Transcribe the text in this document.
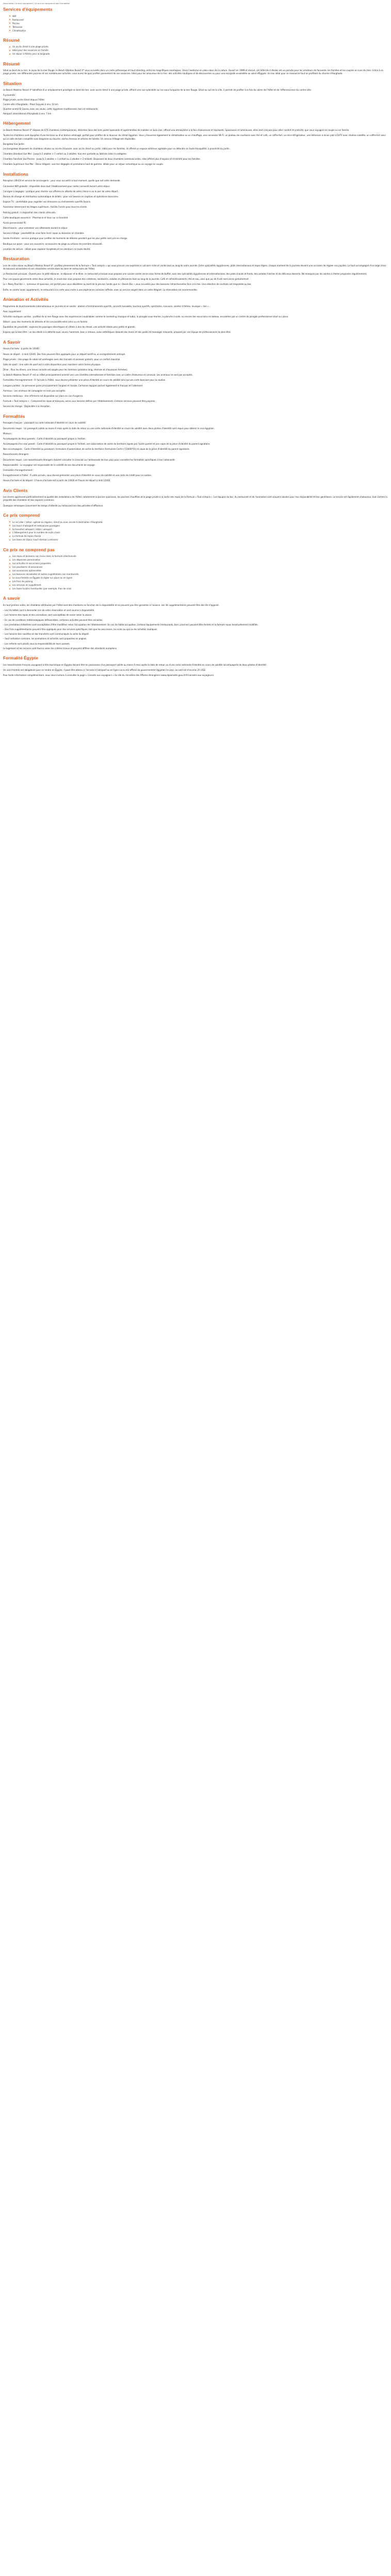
Description Ce prix comprend / Ce prix ne comprend pas Formalités
Services d'équipements
Wifi
Restaurant
Piscine
Télévision
Climatisation
Résumé
Un accès direct à une plage privée.
Idéal pour des vacances en famille.
Un séjour à thème pour la baignade.
Résumé

Situé au bord de la mer, le joyau de la mer Rouge, le Beach Albatros Resort 4* vous accueille dans un cadre pittoresque et haut standing, entre les magnifiques montagnes. Vivez l'exotisme en plein cœur de la nature. Ouvert en 1999 et rénové, cet hôtel de 4 étoiles est un paradis pour les amateurs de farniente, les familles et les couples en lune de miel. Grâce à sa plage privée, ses différentes piscines et ses nombreuses activités, vous aurez de quoi profiter pleinement de vos vacances. Idéal pour les amoureux de la mer, des activités nautiques et de découvertes ou pour une escapade ensoleillée au soleil d'Égypte. Un lieu idéal pour se ressourcer tout en profitant du charme d'Hurghada.

Situation

Le Beach Albatros Resort 4* bénéficie d'un emplacement privilégié en bord de mer, avec accès direct à une plage privée, offrant une vue splendide sur les eaux turquoise de la mer Rouge. Situé au sud de la ville, il permet de profiter à la fois du calme de l'hôtel et de l'effervescence du centre-ville.

À proximité :

Plage privée, accès direct depuis l'hôtel.

Centre-ville d'Hurghada – Place Sayyala à env. 12 km

Quartier animé El Gouna, avec ses souks, cafés égyptiens traditionnels, bars et restaurants

Aéroport international d'Hurghada à env. 7 km

Hébergement

Le Beach Albatros Resort 4* dispose de 476 chambres contemporaines, décorées dans des tons pastel apaisants et agrémentées de mobilier en bois clair, offrant une atmosphère à la fois chaleureuse et reposante. Spacieuses et lumineuses, elles sont conçues pour allier confort et praticité, que vous voyagiez en couple ou en famille.

Toutes les chambres sont équipées d'une terrasse ou d'un balcon aménagé, parfait pour profiter de la douceur du climat égyptien. Vous y trouverez également la climatisation ou un chauffage, une connexion Wi-Fi, un plateau de courtoisie avec thé et café, un coffre-fort, un mini-réfrigérateur, une télévision à écran plat LCD/TV avec chaînes satellite, un coffre-fort ainsi qu'un salle de bain complète avec baignoire ou douche, sèche-cheveux et articles de toilette. Un service d'étage est disponible.

Bungalow Vue Jardin

Les bungalows disposent de chambres situées au rez-de-chaussée, avec accès direct au jardin. Idéal pour les familles, ils offrent un espace extérieur agréable pour se détendre en toute tranquillité, à proximité du jardin.

Chambre Standard Vue Mer : Jusqu'à 2 adultes + 1 enfant ou 3 adultes. Vue mer partielle ou latérale selon la catégorie.

Chambre Familiale Vue Piscine : Jusqu'à 3 adultes + 1 enfant ou 2 adultes + 2 enfants. Disposant de deux chambres communicantes, elles offrent plus d'espace et d'intimité pour les familles.

Chambre Supérieure Vue Mer : Décor élégant, vue mer dégagée et prestations haut de gamme, idéale pour un séjour romantique ou un voyage en couple.

Installations

Réception 24h/24 et service de conciergerie : pour vous accueillir à tout moment, quelle que soit votre demande.

Connexion Wifi gratuite : disponible dans tout l'établissement pour rester connecté durant votre séjour.

Consigne à bagages : pratique pour stocker vos affaires en attente de votre check-in ou le jour de votre départ.

Bureau de change et distributeur automatique de billets : pour vos besoins en espèces et opérations bancaires.

Espace TV : confortable pour regarder vos émissions ou évènements sportifs favoris.

Ascenseur desservant les étages supérieurs : facilite l'accès pour tous les clients.

Parking gratuit : à disposition des clients véhiculés.

Cafés-boutiques-souvenirs : Pharmacie et Vous sur ce bracelet.

Accès personnalisé PC

Blanchisserie : pour entretenir vos vêtements durant le séjour.

Service d'étage : possibilité de vous faire livrer repas ou boissons en chambre.

Garde d'enfants : service pratique pour profiter de moments de détente pendant que les plus petits sont pris en charge.

Boutique sur place : pour vos souvenirs, accessoires de plage ou articles de première nécessité.

Location de voiture : idéale pour explorer Hurghada et les alentours en toute liberté.

Restauration

Lors de votre séjour au Beach Albatros Resort 4*, profitez pleinement de la formule « Tout compris » qui vous procure une expérience culinaire riche et variée tout au long de votre journée. Entre spécialités égyptiennes, plats internationaux et repas légers, chaque moment de la journée devient une occasion de régaler vos papilles. Le tout accompagné d'un large choix de boissons alcoolisées et non alcoolisées servies dans les bars et restaurants de l'hôtel.

Le Restaurant principal : Ouvert pour le petit-déjeuner, le déjeuner et le dîner, le restaurant principal vous propose une cuisine variée servie sous forme de buffet, avec des spécialités égyptiennes et internationales, des plats chauds et froids, des salades fraîches et de délicieux desserts. Ne manquez pas les soirées à thème proposées régulièrement.

Pour une pause gourmande entre deux activités, le snack-bar vous propose des collations, sandwichs, salades et pâtisseries tout au long de la journée. Café et rafraîchissements, thé et eau, ainsi que jus de fruits sont servis gratuitement.

Le « Noisy Pool Bar » , lumineux et spacieux, est parfait pour vous désaltérer au bord de la piscine, tandis que le « Beach Bar » vous accueille pour des boissons rafraîchissantes face à la mer. Une sélection de cocktails est disponible au bar.

Enfin, en soirée (avec supplément), le restaurant à la carte vous invite à une expérience culinaire raffinée, avec un service soigné dans un cadre élégant. La réservation est recommandée.

Animation et Activités

Programme de divertissements internationaux en journée et en soirée : ateliers d'entraînements sportifs, concerts karaokés, tournois sportifs, spectacles, concours, soirées à thème, musique « live »...

Avec supplément :

Activités nautiques variées : profitez de la mer Rouge avec des expériences inoubliables comme le snorkeling (masque et tuba), la plongée sous-marine, la planche à voile, ou encore des excursions en bateau, encadrées par un centre de plongée professionnel situé sur place.

Billard : pour des moments de détente et de convivialité entre amis ou en famille.

Équitation de proximité : explorez les paysages désertiques et côtiers à dos de cheval, une activité idéale pour petits et grands.

Espace spa & bien-être : un lieu dédié à la détente avec sauna, hammam, bain à remous, soins esthétiques (beauté des mains et des pieds) et massages relaxants, proposé par une équipe de professionnels du bien-être.

A Savoir

Heure d'arrivée : à partir de 14h00.

Heure de départ : à midi 12h00. Des frais peuvent être appliqués pour un départ tardif ou un enregistrement anticipé.

Plage privée : Une plage de sable est aménagée avec des transats et parasols gratuits, pour un confort maximal.

Salle de sport : Une salle de sport est à votre disposition pour maintenir votre forme physique.

Dîner : Pour les dîners, une tenue correcte est exigée pour les hommes (pantalon long, chemise et chaussures fermées).

Le Beach Albatros Resort 4* est un hôtel principalement orienté vers une clientèle internationale et familiale avec un cadre chaleureux et convivial. Les animaux ne sont pas acceptés.

Formalités d'enregistrement : À l'arrivée à l'hôtel, vous devrez présenter une pièce d'identité en cours de validité ainsi qu'une carte bancaire pour la caution.

Langues parlées : Le personnel parle principalement l'anglais et l'arabe. Certaines équipes parlent également le français et l'allemand.

Animaux : Les animaux de compagnie ne sont pas acceptés.

Services médicaux : Une infirmerie est disponible sur place en cas d'urgence.

Formule « Tout compris » : Comprend les repas et boissons, servis aux horaires définis par l'établissement. Certains services peuvent être payants.

Service de change : Disponible à la réception.

Formalités

Passagers français : passeport ou carte nationale d'identité en cours de validité.

Documents requis : Un passeport valide au moins 6 mois après la date de retour ou une carte nationale d'identité en cours de validité avec deux photos d'identité sont requis pour obtenir le visa égyptien.

Mineurs :

Accompagnés de deux parents : Carte d'identité ou passeport propre à l'enfant.

Accompagnés d'un seul parent : Carte d'identité ou passeport propre à l'enfant, une autorisation de sortie du territoire signée par l'autre parent et une copie de la pièce d'identité du parent signataire.

Non accompagnés : Carte d'identité ou passeport, formulaire d'autorisation de sortie du territoire (formulaire Cerfa n°15646*01) et copie de la pièce d'identité du parent signataire.

Ressortissants étrangers :

Documents requis : Les ressortissants étrangers doivent consulter le consulat ou l'ambassade de leur pays pour connaître les formalités spécifiques à leur nationalité.

Responsabilité : Le voyageur est responsable de la validité de ses documents de voyage.

Formalités d'enregistrement :

Enregistrement à l'hôtel : À votre arrivée, vous devrez présenter une pièce d'identité en cours de validité et une carte de crédit pour la caution.

Heure d'arrivée et de départ : L'heure d'arrivée est à partir de 14h00 et l'heure de départ à midi 12h00.

Avis Clients

Les clients apprécient particulièrement la qualité des installations de l'hôtel, notamment la piscine spacieuse, les piscines chauffées et la plage privée à la sortie des repas de la formule « Tout compris ». Les équipes du bar, du restaurant et de l'animation sont souvent saluées pour leur disponibilité et leur gentillesse. Le service est également chaleureux, tout comme la propreté des chambres et des espaces communs.

Quelques remarques concernent les temps d'attente au restaurant lors des périodes d'affluence.

Ce prix comprend
Le vol aller / retour, spécial ou régulier, direct ou avec escale à destination d'Hurghada
Les taxes d'aéroport et redevances passagers
Le transfert aéroport / hôtel / aéroport
L'hébergement pour le nombre de nuits choisi
La formule de repas choisie
Les taxes de séjour (sauf mention contraire)
Ce prix ne comprend pas
Les repas et boissons non inclus dans la formule sélectionnée
Les dépenses personnelles
Les activités et excursions proposées
Les pourboires et assurances
Les assurances optionnelles
Les boissons alcoolisées et autres suppléments non mentionnés
Le visa d'entrée en Égypte (à régler sur place ou en ligne)
Les frais de parking
Les services en supplément
Les taxes locales éventuelles (par exemple, frais de visa)
A savoir

En tout premier ordre, les chambres attribuées par l'hôtel sont des chambres en fonction de la disponibilité et ne peuvent pas être garanties à l'avance. Les lits supplémentaires peuvent être des lits d'appoint.

– Les lits bébés sont à demander lors de votre réservation et sont soumis à disponibilité.

– Les horaires des repas et des animations sont susceptibles de varier selon la saison.

– En cas de conditions météorologiques défavorables, certaines activités peuvent être annulées.

– Les prestations hôtelières sont susceptibles d'être modifiées selon l'occupation de l'établissement. En cas de faible occupation, certains équipements (restaurants, bars, piscines) peuvent être fermés et la formule repas éventuellement modifiée.

– Des frais supplémentaires peuvent être appliqués pour des services spécifiques, tels que les excursions, les soins au spa ou les activités nautiques.

– Les horaires des navettes et des transferts sont communiqués la veille du départ.

– Sauf indication contraire, les animations et activités sont proposées en anglais.

– Les enfants sont placés sous la responsabilité de leurs parents.

Le logement et les services sont fournis selon les critères locaux et peuvent différer des standards européens.

Formalité Égypte

Les ressortissants français voyageant à titre touristique en Égypte doivent être en possession d'un passeport valide au moins 6 mois après la date de retour ou d'une carte nationale d'identité en cours de validité (accompagnée de deux photos d'identité).

Un visa d'entrée est obligatoire pour se rendre en Égypte. Il peut être obtenu à l'arrivée à l'aéroport ou en ligne via le site officiel du gouvernement égyptien (e-visa). Le coût est d'environ 25 USD.

Pour toute information complémentaire, nous vous invitons à consulter la page « Conseils aux voyageurs » du site du ministère des Affaires étrangères (www.diplomatie.gouv.fr/fr/conseils-aux-voyageurs).
